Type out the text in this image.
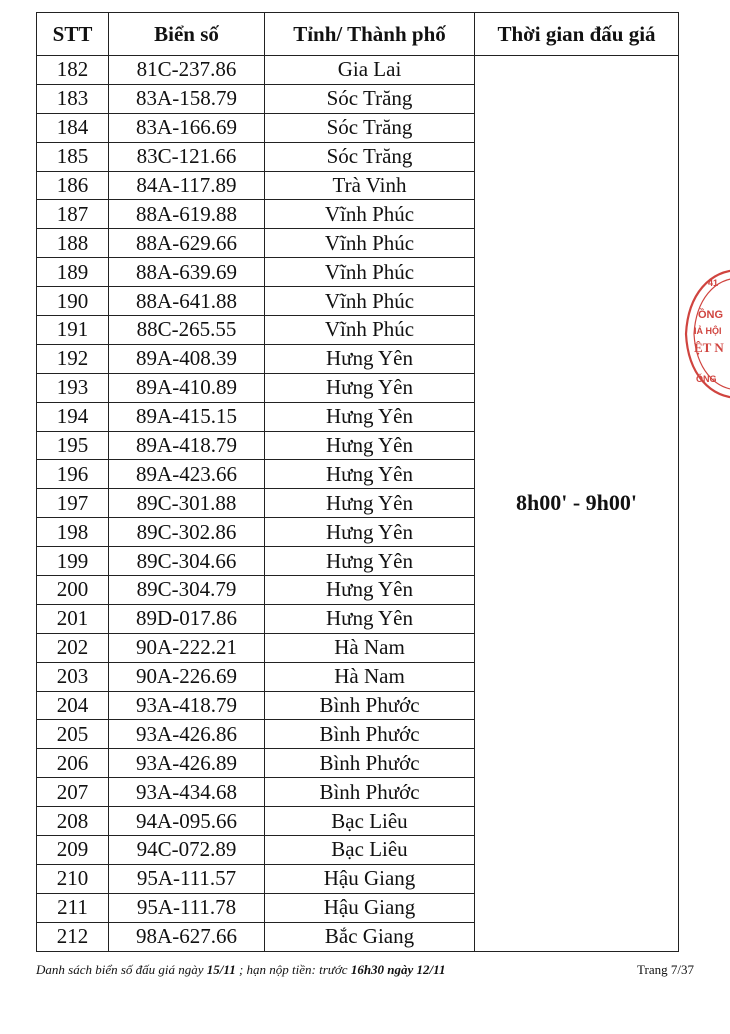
STT	Biển số	Tỉnh/ Thành phố	Thời gian đấu giá
182	81C-237.86	Gia Lai	8h00' - 9h00'
183	83A-158.79	Sóc Trăng	
184	83A-166.69	Sóc Trăng	
185	83C-121.66	Sóc Trăng	
186	84A-117.89	Trà Vinh	
187	88A-619.88	Vĩnh Phúc	
188	88A-629.66	Vĩnh Phúc	
189	88A-639.69	Vĩnh Phúc	
190	88A-641.88	Vĩnh Phúc	
191	88C-265.55	Vĩnh Phúc	
192	89A-408.39	Hưng Yên	
193	89A-410.89	Hưng Yên	
194	89A-415.15	Hưng Yên	
195	89A-418.79	Hưng Yên	
196	89A-423.66	Hưng Yên	
197	89C-301.88	Hưng Yên	
198	89C-302.86	Hưng Yên	
199	89C-304.66	Hưng Yên	
200	89C-304.79	Hưng Yên	
201	89D-017.86	Hưng Yên	
202	90A-222.21	Hà Nam	
203	90A-226.69	Hà Nam	
204	93A-418.79	Bình Phước	
205	93A-426.86	Bình Phước	
206	93A-426.89	Bình Phước	
207	93A-434.68	Bình Phước	
208	94A-095.66	Bạc Liêu	
209	94C-072.89	Bạc Liêu	
210	95A-111.57	Hậu Giang	
211	95A-111.78	Hậu Giang	
212	98A-627.66	Bắc Giang	
Danh sách biển số đấu giá ngày 15/11 ; hạn nộp tiền: trước 16h30 ngày 12/11	Trang 7/37
41
ỒNG
IẢ HỘI
ỆT N
ỐNG
